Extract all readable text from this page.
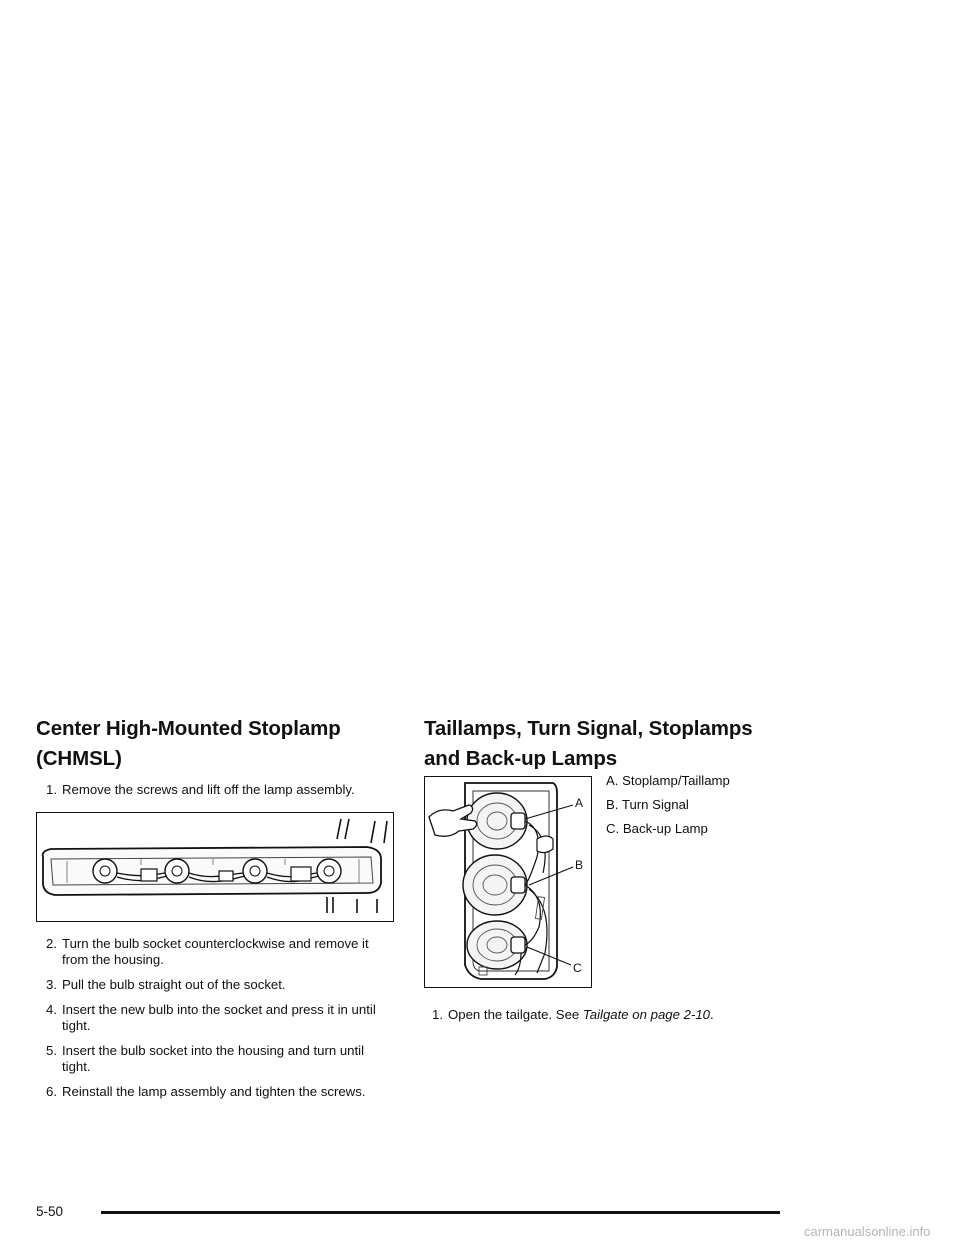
Center High-Mounted Stoplamp
(CHMSL)
1. Remove the screws and lift off the lamp assembly.
2. Turn the bulb socket counterclockwise and remove it from the housing.
3. Pull the bulb straight out of the socket.
4. Insert the new bulb into the socket and press it in until tight.
5. Insert the bulb socket into the housing and turn until tight.
6. Reinstall the lamp assembly and tighten the screws.
Taillamps, Turn Signal, Stoplamps
and Back-up Lamps
A
B
C
A. Stoplamp/Taillamp
B. Turn Signal
C. Back-up Lamp
1. Open the tailgate. See Tailgate on page 2-10.
5-50
carmanualsonline.info
